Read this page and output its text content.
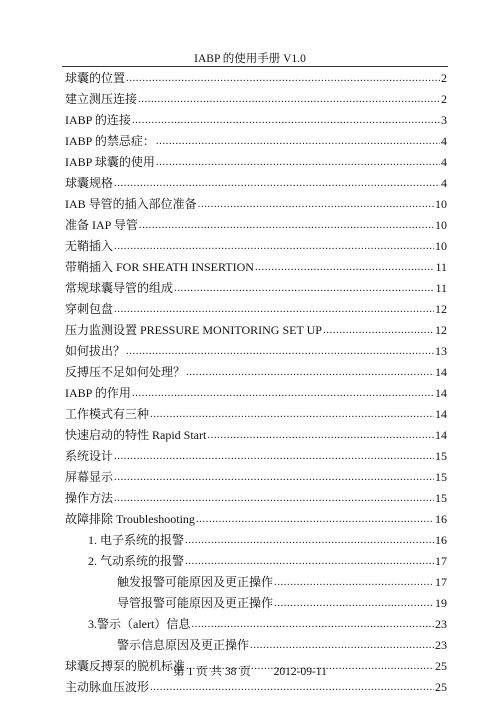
IABP 的使用手册 V1.0
球囊的位置 .....	2
建立测压连接 .....	2
IABP 的连接 .....	3
IABP 的禁忌症： .....	4
IABP 球囊的使用 .....	4
球囊规格 .....	4
IAB 导管的插入部位准备 .....	10
准备 IAP 导管 .....	10
无鞘插入 .....	10
带鞘插入 FOR SHEATH INSERTION .....	11
常规球囊导管的组成 .....	11
穿刺包盘 .....	12
压力监测设置 PRESSURE MONITORING SET UP .....	12
如何拔出？ .....	13
反搏压不足如何处理？ .....	14
IABP 的作用 .....	14
工作模式有三种 .....	14
快速启动的特性 Rapid Start .....	14
系统设计 .....	15
屏幕显示 .....	15
操作方法 .....	15
故障排除 Troubleshooting .....	16
1. 电子系统的报警 .....	16
2. 气动系统的报警 .....	17
触发报警可能原因及更正操作 .....	17
导管报警可能原因及更正操作 .....	19
3.警示（alert）信息 .....	23
警示信息原因及更正操作 .....	23
球囊反搏泵的脱机标准 .....	25
主动脉血压波形 .....	25
第 1 页 共 38 页 2012-09-11
